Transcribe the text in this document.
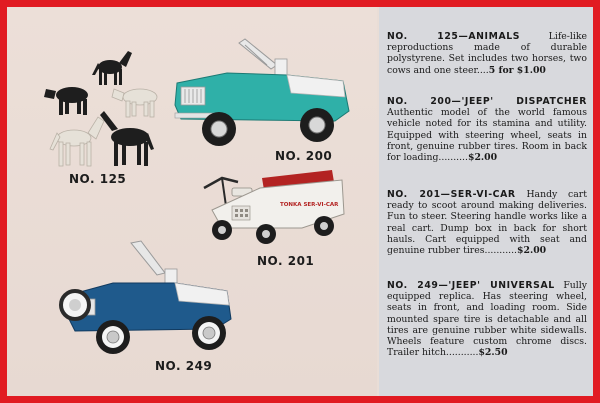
NO. 125
NO. 200
TONKA SER-VI-CAR
NO. 201
NO. 249
NO. 125—ANIMALS	Life-like reproductions made of durable polystyrene. Set includes two horses, two cows and one steer....5 for $1.00
NO. 200—'JEEP' DISPATCHER Authentic model of the world famous vehicle noted for its stamina and utility. Equipped with steering wheel, seats in front, genuine rubber tires. Room in back for loading..........$2.00
NO. 201—SER-VI-CAR Handy cart ready to scoot around making deliveries. Fun to steer. Steering handle works like a real cart. Dump box in back for short hauls. Cart equipped with seat and genuine rubber tires...........$2.00
NO. 249—'JEEP' UNIVERSAL Fully equipped replica. Has steering wheel, seats in front, and loading room. Side mounted spare tire is detachable and all tires are genuine rubber white sidewalls. Wheels feature custom chrome discs. Trailer hitch...........$2.50
